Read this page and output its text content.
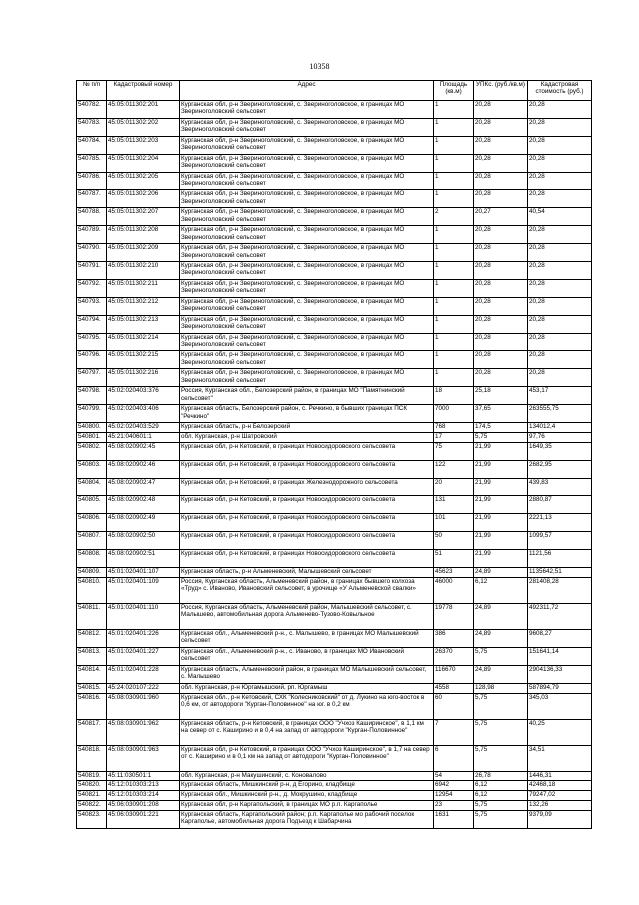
10358
№ п/п	Кадастровый номер	Адрес	Площадь (кв.м)	УПКс. (руб./кв.м)	Кадастровая стоимость (руб.)
540782.	45:05:011302:201	Курганская обл, р-н Звериноголовский, с. Звериноголовское, в границах МО Звериноголовский сельсовет	1	20,28	20,28
540783.	45:05:011302:202	Курганская обл, р-н Звериноголовский, с. Звериноголовское, в границах МО Звериноголовский сельсовет	1	20,28	20,28
540784.	45:05:011302:203	Курганская обл, р-н Звериноголовский, с. Звериноголовское, в границах МО Звериноголовский сельсовет	1	20,28	20,28
540785.	45:05:011302:204	Курганская обл, р-н Звериноголовский, с. Звериноголовское, в границах МО Звериноголовский сельсовет	1	20,28	20,28
540786.	45:05:011302:205	Курганская обл, р-н Звериноголовский, с. Звериноголовское, в границах МО Звериноголовский сельсовет	1	20,28	20,28
540787.	45:05:011302:206	Курганская обл, р-н Звериноголовский, с. Звериноголовское, в границах МО Звериноголовский сельсовет	1	20,28	20,28
540788.	45:05:011302:207	Курганская обл, р-н Звериноголовский, с. Звериноголовское, в границах МО Звериноголовский сельсовет	2	20,27	40,54
540789.	45:05:011302:208	Курганская обл, р-н Звериноголовский, с. Звериноголовское, в границах МО Звериноголовский сельсовет	1	20,28	20,28
540790.	45:05:011302:209	Курганская обл, р-н Звериноголовский, с. Звериноголовское, в границах МО Звериноголовский сельсовет	1	20,28	20,28
540791.	45:05:011302:210	Курганская обл, р-н Звериноголовский, с. Звериноголовское, в границах МО Звериноголовский сельсовет	1	20,28	20,28
540792.	45:05:011302:211	Курганская обл, р-н Звериноголовский, с. Звериноголовское, в границах МО Звериноголовский сельсовет	1	20,28	20,28
540793.	45:05:011302:212	Курганская обл, р-н Звериноголовский, с. Звериноголовское, в границах МО Звериноголовский сельсовет	1	20,28	20,28
540794.	45:05:011302:213	Курганская обл, р-н Звериноголовский, с. Звериноголовское, в границах МО Звериноголовский сельсовет	1	20,28	20,28
540795.	45:05:011302:214	Курганская обл, р-н Звериноголовский, с. Звериноголовское, в границах МО Звериноголовский сельсовет	1	20,28	20,28
540796.	45:05:011302:215	Курганская обл, р-н Звериноголовский, с. Звериноголовское, в границах МО Звериноголовский сельсовет	1	20,28	20,28
540797.	45:05:011302:216	Курганская обл, р-н Звериноголовский, с. Звериноголовское, в границах МО Звериноголовский сельсовет	1	20,28	20,28
540798.	45:02:020403:376	Россия, Курганская обл., Белозерский район, в границах МО "Памятнинский сельсовет"	18	25,18	453,17
540799.	45:02:020403:406	Курганская область, Белозерский район, с. Речкино, в бывших границах ПСК "Речкино"	7000	37,65	263555,75
540800.	45:02:020403:529	Курганская область, р-н Белозерский	768	174,5	134012,4
540801.	45:21:040601:1	обл. Курганская, р-н Шатровский	17	5,75	97,76
540802.	45:08:020902:45	Курганская обл, р-н Кетовский, в границах Новосидоровского сельсовета	75	21,99	1649,35
540803.	45:08:020902:46	Курганская обл, р-н Кетовский, в границах Новосидоровского сельсовета	122	21,99	2682,95
540804.	45:08:020902:47	Курганская обл, р-н Кетовский, в границах Железнодорожного сельсовета	20	21,99	439,83
540805.	45:08:020902:48	Курганская обл, р-н Кетовский, в границах Новосидоровского сельсовета	131	21,99	2880,87
540806.	45:08:020902:49	Курганская обл, р-н Кетовский, в границах Новосидоровского сельсовета	101	21,99	2221,13
540807.	45:08:020902:50	Курганская обл, р-н Кетовский, в границах Новосидоровского сельсовета	50	21,99	1099,57
540808.	45:08:020902:51	Курганская обл, р-н Кетовский, в границах Новосидоровского сельсовета	51	21,99	1121,56
540809.	45:01:020401:107	Курганская область, р-н Альменевский, Малышевский сельсовет	45623	24,89	1135642,51
540810.	45:01:020401:109	Россия, Курганская область, Альменевский район, в границах бывшего колхоза «Труд» с. Иваново, Ивановский сельсовет, в урочище «У Альменевской свалки»	46000	6,12	281408,28
540811.	45:01:020401:110	Россия, Курганская область, Альменевский район, Малышевский сельсовет, с. Малышево, автомобильная дорога Альменево-Тузово-Ковыльное	19778	24,89	492311,72
540812.	45:01:020401:226	Курганская обл., Альменевский р-н., с. Малышево, в границах МО Малышевский сельсовет	386	24,89	9608,27
540813.	45:01:020401:227	Курганская обл., Альменевский р-н., с. Иваново, в границах МО Ивановский сельсовет	26370	5,75	151641,14
540814.	45:01:020401:228	Курганская область, Альменевский район, в границах МО Малышевский сельсовет, с. Малышево	116670	24,89	2904136,33
540815.	45:24:020107:222	обл. Курганская, р-н Юргамышский, рп. Юргамыш	4558	128,98	587894,79
540816.	45:08:030901:960	Курганская обл., р-н Кетовский, СХК "Колесниковский" от д. Лукино на юго-восток в 0,6 км, от автодороги "Курган-Половинное" на юг. в 0,2 км	60	5,75	345,03
540817.	45:08:030901:962	Курганская область, р-н Кетовский, в границах ООО "Учхоз Каширинское", в 1,1 км на север от с. Каширино и в 0,4 на запад от автодороги "Курган-Половинное"	7	5,75	40,25
540818.	45:08:030901:963	Курганская обл, р-н Кетовский, в границах ООО "Учхоз Каширинское", в 1,7 на север от с. Каширино и в 0,1 км на запад от автодороги "Курган-Половинное"	6	5,75	34,51
540819.	45:11:030501:1	обл. Курганская, р-н Макушинский, с. Коновалово	54	26,78	1446,31
540820.	45:12:010303:213	Курганская область, Мишкинский р-н, д Егорино, кладбище	6942	6,12	42468,18
540821.	45:12:010303:214	Курганская обл., Мишкинский р-н., д. Мокрушино, кладбище	12954	6,12	79247,02
540822.	45:06:030901:208	Курганская обл, р-н Каргапольский, в границах МО р.п. Каргаполье	23	5,75	132,26
540823.	45:06:030901:221	Курганская область, Каргапольский район; р.п. Каргаполье мо рабочий поселок Каргаполье, автомобильная дорога Подъезд к Шабарчина	1631	5,75	9379,09
